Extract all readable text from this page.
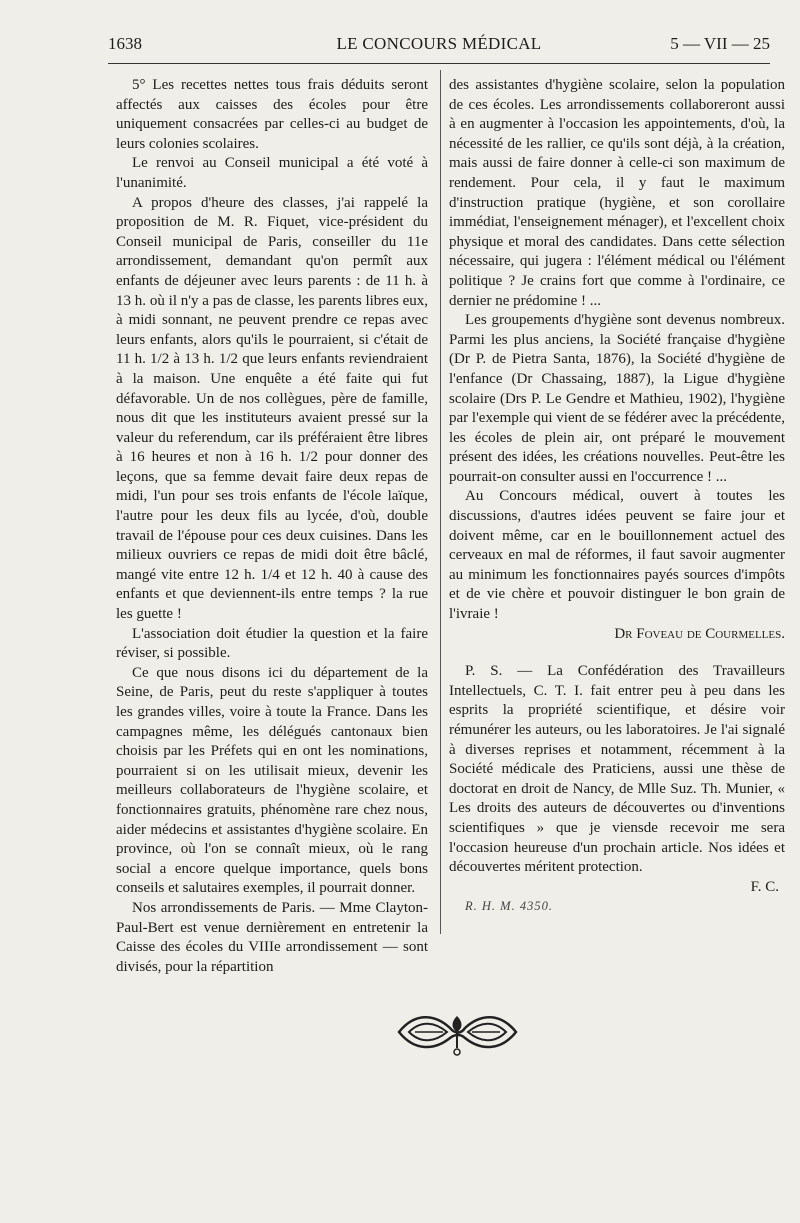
1638	LE CONCOURS MÉDICAL	5 — VII — 25

5° Les recettes nettes tous frais déduits seront affectés aux caisses des écoles pour être uniquement consacrées par celles-ci au budget de leurs colonies scolaires.

Le renvoi au Conseil municipal a été voté à l'unanimité.

A propos d'heure des classes, j'ai rappelé la proposition de M. R. Fiquet, vice-président du Conseil municipal de Paris, conseiller du 11e arrondissement, demandant qu'on permît aux enfants de déjeuner avec leurs parents : de 11 h. à 13 h. où il n'y a pas de classe, les parents libres eux, à midi sonnant, ne peuvent prendre ce repas avec leurs enfants, alors qu'ils le pourraient, si c'était de 11 h. 1/2 à 13 h. 1/2 que leurs enfants reviendraient à la maison. Une enquête a été faite qui fut défavorable. Un de nos collègues, père de famille, nous dit que les instituteurs avaient pressé sur la valeur du referendum, car ils préféraient être libres à 16 heures et non à 16 h. 1/2 pour donner des leçons, que sa femme devait faire deux repas de midi, l'un pour ses trois enfants de l'école laïque, l'autre pour les deux fils au lycée, d'où, double travail de l'épouse pour ces deux cuisines. Dans les milieux ouvriers ce repas de midi doit être bâclé, mangé vite entre 12 h. 1/4 et 12 h. 40 à cause des enfants et que deviennent-ils entre temps ? la rue les guette !

L'association doit étudier la question et la faire réviser, si possible.

Ce que nous disons ici du département de la Seine, de Paris, peut du reste s'appliquer à toutes les grandes villes, voire à toute la France. Dans les campagnes même, les délégués cantonaux bien choisis par les Préfets qui en ont les nominations, pourraient si on les utilisait mieux, devenir les meilleurs collaborateurs de l'hygiène scolaire, et fonctionnaires gratuits, phénomène rare chez nous, aider médecins et assistantes d'hygiène scolaire. En province, où l'on se connaît mieux, où le rang social a encore quelque importance, quels bons conseils et salutaires exemples, il pourrait donner.

Nos arrondissements de Paris. — Mme Clayton-Paul-Bert est venue dernièrement en entretenir la Caisse des écoles du VIIIe arrondissement — sont divisés, pour la répartition

des assistantes d'hygiène scolaire, selon la population de ces écoles. Les arrondissements collaboreront aussi à en augmenter à l'occasion les appointements, d'où, la nécessité de les rallier, ce qu'ils sont déjà, à la création, mais aussi de faire donner à celle-ci son maximum de rendement. Pour cela, il y faut le maximum d'instruction pratique (hygiène, et son corollaire immédiat, l'enseignement ménager), et l'excellent choix physique et moral des candidates. Dans cette sélection nécessaire, qui jugera : l'élément médical ou l'élément politique ? Je crains fort que comme à l'ordinaire, ce dernier ne prédomine ! ...

Les groupements d'hygiène sont devenus nombreux. Parmi les plus anciens, la Société française d'hygiène (Dr P. de Pietra Santa, 1876), la Société d'hygiène de l'enfance (Dr Chassaing, 1887), la Ligue d'hygiène scolaire (Drs P. Le Gendre et Mathieu, 1902), l'hygiène par l'exemple qui vient de se fédérer avec la précédente, les écoles de plein air, ont préparé le mouvement présent des idées, les créations nouvelles. Peut-être les pourrait-on consulter aussi en l'occurrence ! ...

Au Concours médical, ouvert à toutes les discussions, d'autres idées peuvent se faire jour et doivent même, car en le bouillonnement actuel des cerveaux en mal de réformes, il faut savoir augmenter au minimum les fonctionnaires payés sources d'impôts et de vie chère et pouvoir distinguer le bon grain de l'ivraie !

Dr Foveau de Courmelles.

P. S. — La Confédération des Travailleurs Intellectuels, C. T. I. fait entrer peu à peu dans les esprits la propriété scientifique, et désire voir rémunérer les auteurs, ou les laboratoires. Je l'ai signalé à diverses reprises et notamment, récemment à la Société médicale des Praticiens, aussi une thèse de doctorat en droit de Nancy, de Mlle Suz. Th. Munier, « Les droits des auteurs de découvertes ou d'inventions scientifiques » que je viensde recevoir me sera l'occasion heureuse d'un prochain article. Nos idées et découvertes méritent protection.

F. C.

R. H. M. 4350.
